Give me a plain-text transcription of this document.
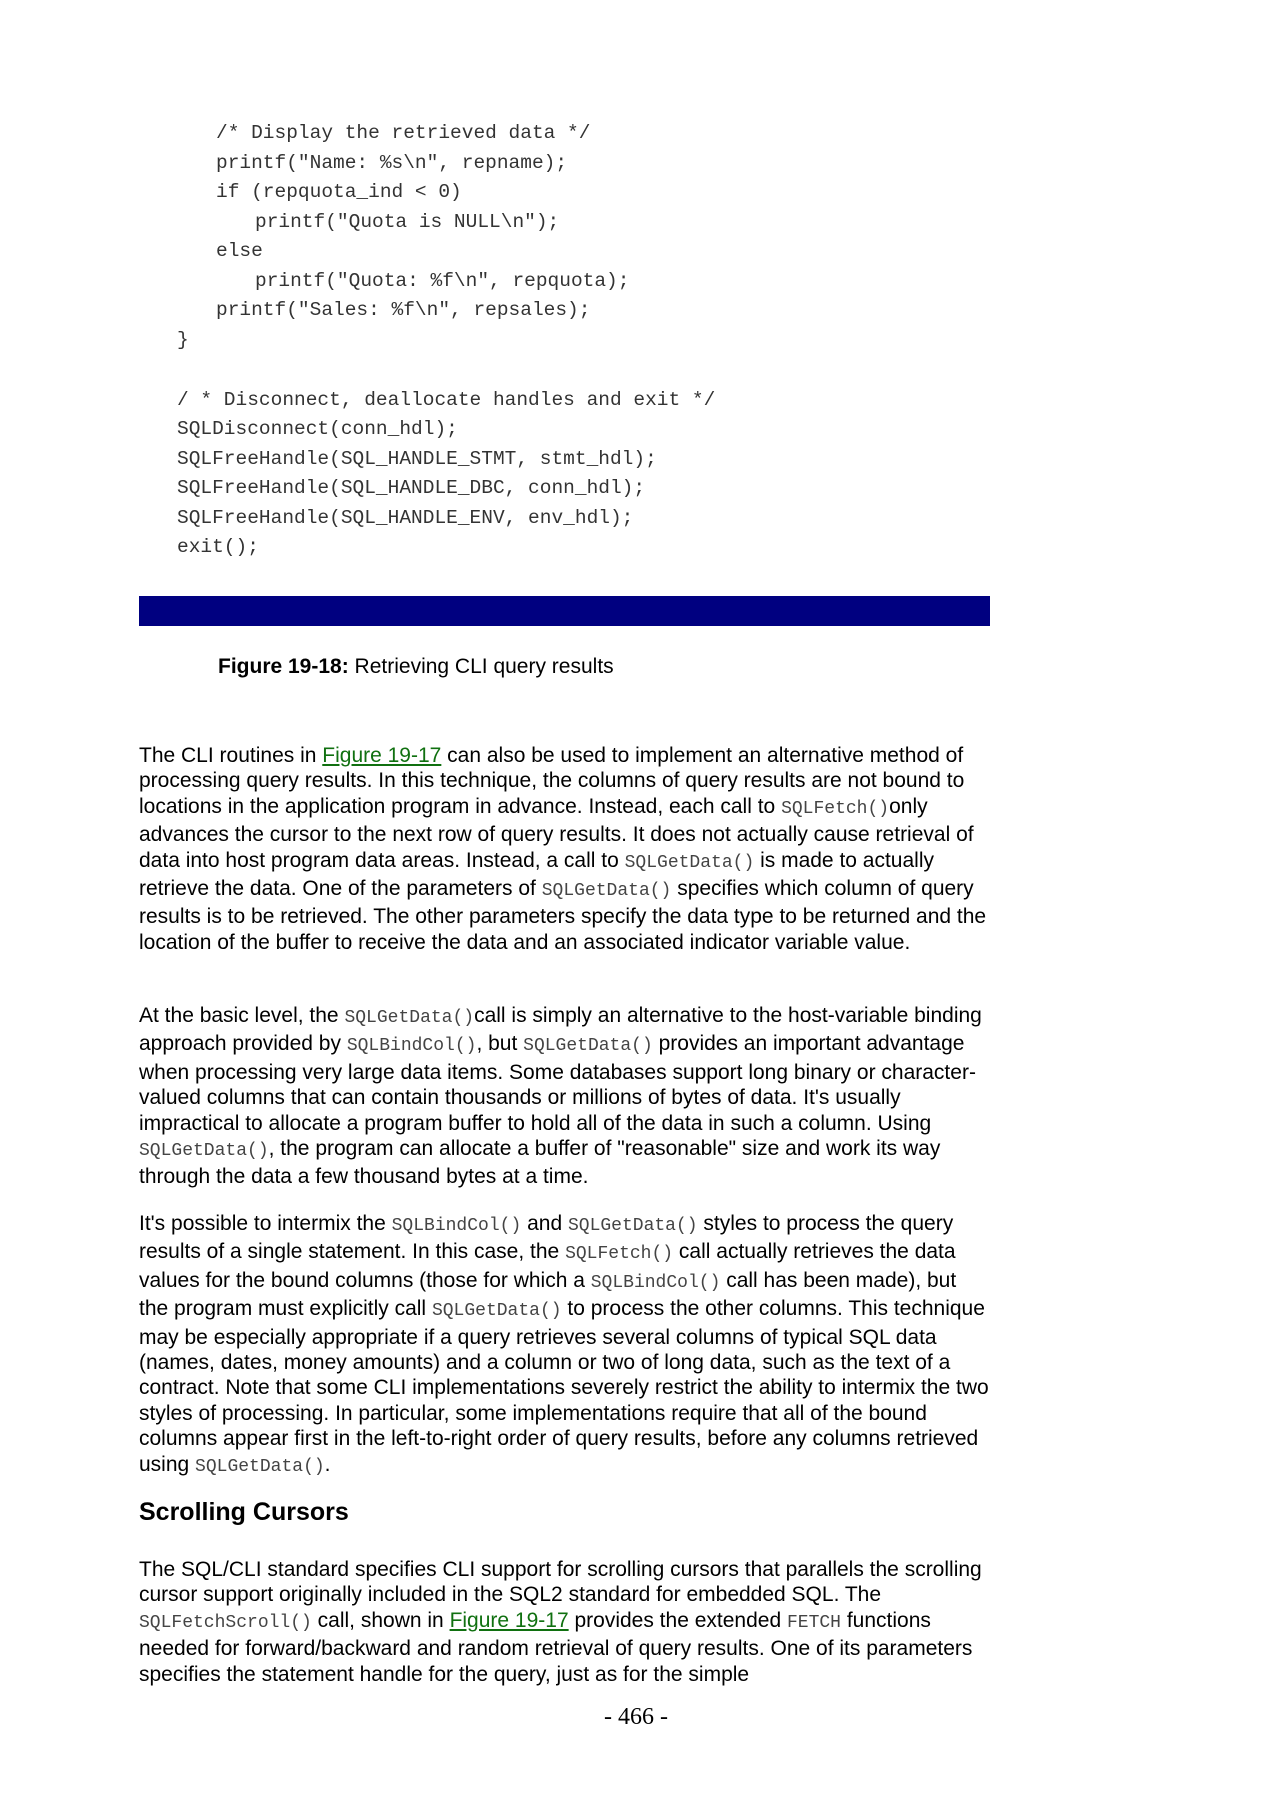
/* Display the retrieved data */
printf("Name: %s\n", repname);
if (repquota_ind < 0)
printf("Quota is NULL\n");
else
printf("Quota: %f\n", repquota);
printf("Sales: %f\n", repsales);
}
/ * Disconnect, deallocate handles and exit */
SQLDisconnect(conn_hdl);
SQLFreeHandle(SQL_HANDLE_STMT, stmt_hdl);
SQLFreeHandle(SQL_HANDLE_DBC, conn_hdl);
SQLFreeHandle(SQL_HANDLE_ENV, env_hdl);
exit();
Figure 19-18: Retrieving CLI query results
The CLI routines in Figure 19-17 can also be used to implement an alternative method of processing query results. In this technique, the columns of query results are not bound to locations in the application program in advance. Instead, each call to SQLFetch()only advances the cursor to the next row of query results. It does not actually cause retrieval of data into host program data areas. Instead, a call to SQLGetData() is made to actually retrieve the data. One of the parameters of SQLGetData() specifies which column of query results is to be retrieved. The other parameters specify the data type to be returned and the location of the buffer to receive the data and an associated indicator variable value.
At the basic level, the SQLGetData()call is simply an alternative to the host-variable binding approach provided by SQLBindCol(), but SQLGetData() provides an important advantage when processing very large data items. Some databases support long binary or character-valued columns that can contain thousands or millions of bytes of data. It's usually impractical to allocate a program buffer to hold all of the data in such a column. Using SQLGetData(), the program can allocate a buffer of "reasonable" size and work its way through the data a few thousand bytes at a time.
It's possible to intermix the SQLBindCol() and SQLGetData() styles to process the query results of a single statement. In this case, the SQLFetch() call actually retrieves the data values for the bound columns (those for which a SQLBindCol() call has been made), but the program must explicitly call SQLGetData() to process the other columns. This technique may be especially appropriate if a query retrieves several columns of typical SQL data (names, dates, money amounts) and a column or two of long data, such as the text of a contract. Note that some CLI implementations severely restrict the ability to intermix the two styles of processing. In particular, some implementations require that all of the bound columns appear first in the left-to-right order of query results, before any columns retrieved using SQLGetData().
Scrolling Cursors
The SQL/CLI standard specifies CLI support for scrolling cursors that parallels the scrolling cursor support originally included in the SQL2 standard for embedded SQL. The SQLFetchScroll() call, shown in Figure 19-17 provides the extended FETCH functions needed for forward/backward and random retrieval of query results. One of its parameters specifies the statement handle for the query, just as for the simple
- 466 -
